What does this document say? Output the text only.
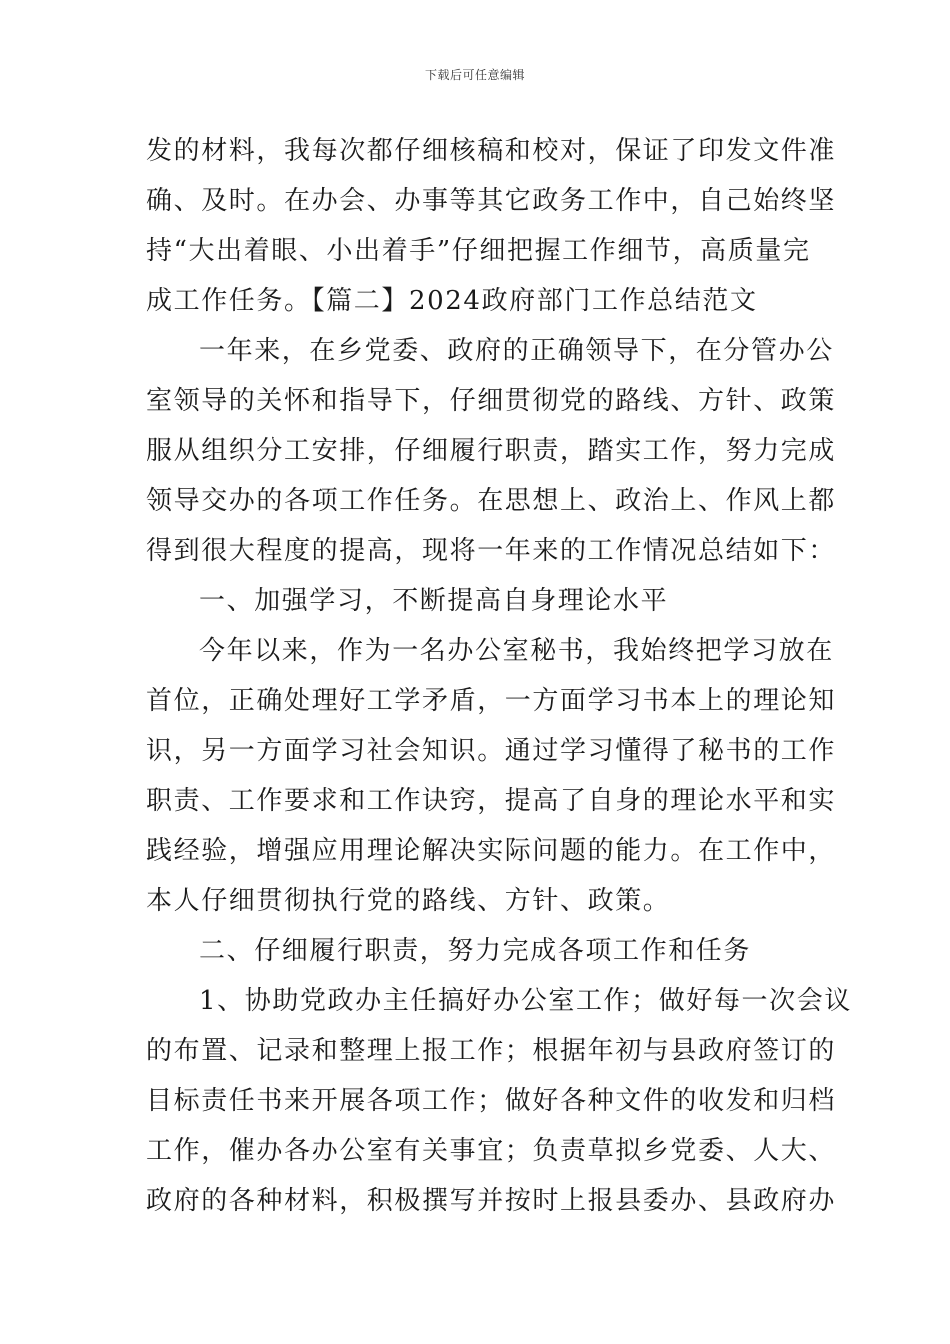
下载后可任意编辑
发的材料，我每次都仔细核稿和校对，保证了印发文件准
确、及时。在办会、办事等其它政务工作中，自己始终坚
持“大出着眼、小出着手”仔细把握工作细节，高质量完
成工作任务。【篇二】2024政府部门工作总结范文
一年来，在乡党委、政府的正确领导下，在分管办公
室领导的关怀和指导下，仔细贯彻党的路线、方针、政策
服从组织分工安排，仔细履行职责，踏实工作，努力完成
领导交办的各项工作任务。在思想上、政治上、作风上都
得到很大程度的提高，现将一年来的工作情况总结如下：
一、加强学习，不断提高自身理论水平
今年以来，作为一名办公室秘书，我始终把学习放在
首位，正确处理好工学矛盾，一方面学习书本上的理论知
识，另一方面学习社会知识。通过学习懂得了秘书的工作
职责、工作要求和工作诀窍，提高了自身的理论水平和实
践经验，增强应用理论解决实际问题的能力。在工作中，
本人仔细贯彻执行党的路线、方针、政策。
二、仔细履行职责，努力完成各项工作和任务
1、协助党政办主任搞好办公室工作；做好每一次会议
的布置、记录和整理上报工作；根据年初与县政府签订的
目标责任书来开展各项工作；做好各种文件的收发和归档
工作，催办各办公室有关事宜；负责草拟乡党委、人大、
政府的各种材料，积极撰写并按时上报县委办、县政府办
